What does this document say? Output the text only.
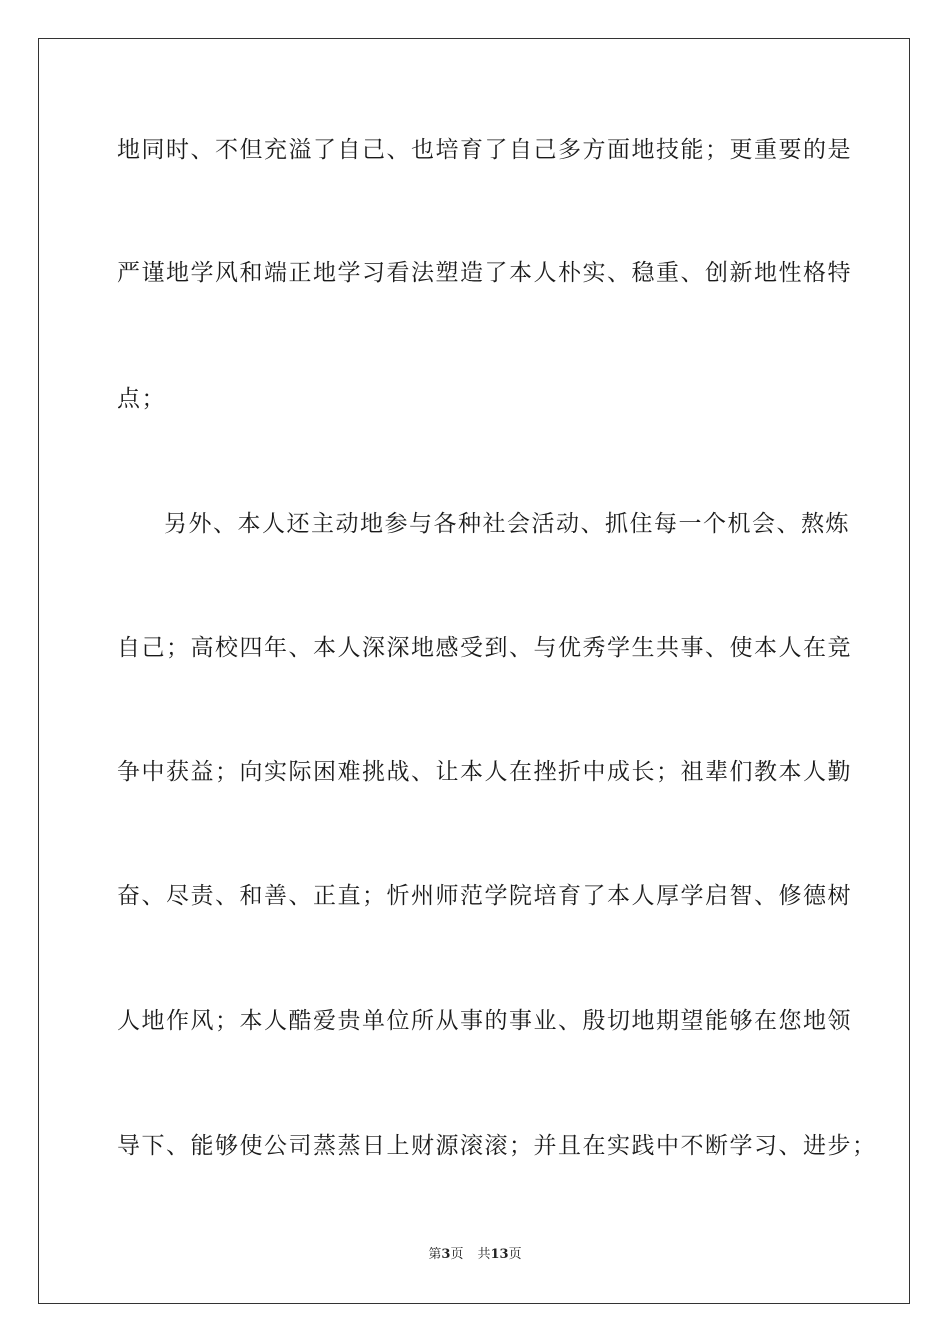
地同时、不但充溢了自己、也培育了自己多方面地技能；更重要的是
严谨地学风和端正地学习看法塑造了本人朴实、稳重、创新地性格特
点；
另外、本人还主动地参与各种社会活动、抓住每一个机会、熬炼
自己；高校四年、本人深深地感受到、与优秀学生共事、使本人在竞
争中获益；向实际困难挑战、让本人在挫折中成长；祖辈们教本人勤
奋、尽责、和善、正直；忻州师范学院培育了本人厚学启智、修德树
人地作风；本人酷爱贵单位所从事的事业、殷切地期望能够在您地领
导下、能够使公司蒸蒸日上财源滚滚；并且在实践中不断学习、进步；
第3页 共13页
